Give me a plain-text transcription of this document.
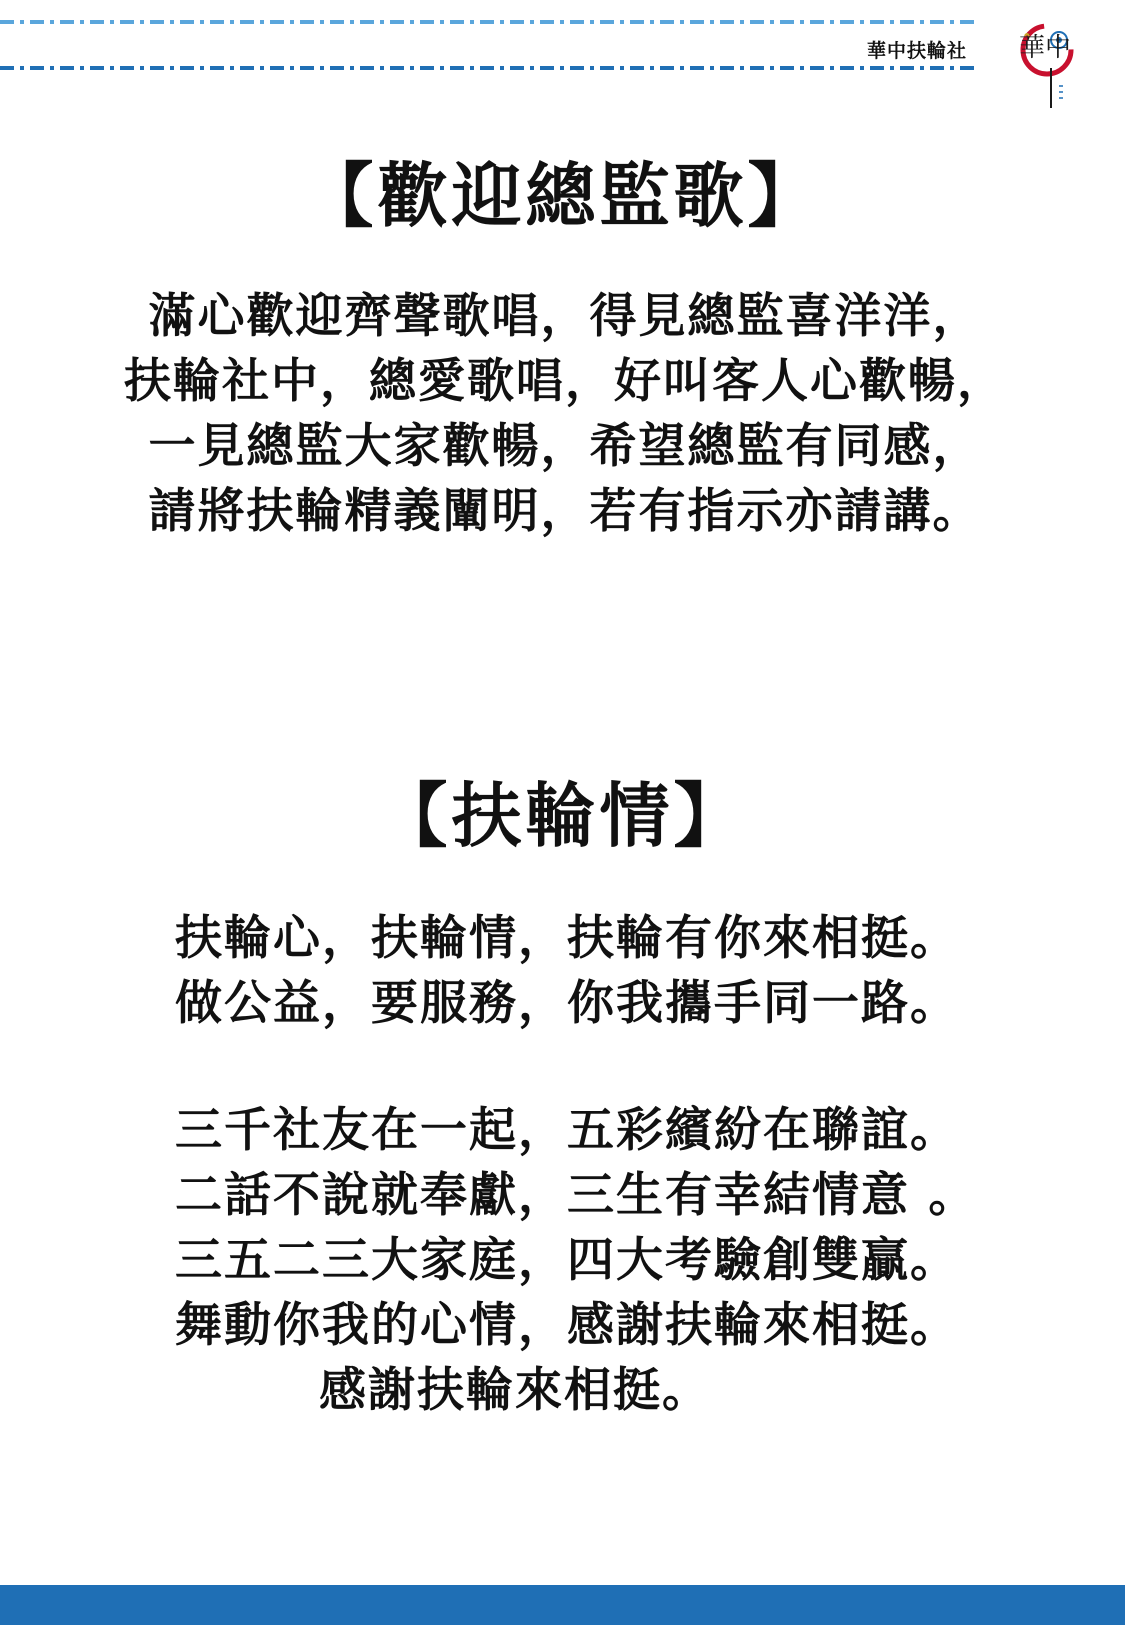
華中扶輪社 華中
【歡迎總監歌】
滿心歡迎齊聲歌唱，得見總監喜洋洋，
扶輪社中，總愛歌唱，好叫客人心歡暢，
一見總監大家歡暢，希望總監有同感，
請將扶輪精義闡明，若有指示亦請講。
【扶輪情】
扶輪心，扶輪情，扶輪有你來相挺。
做公益，要服務，你我攜手同一路。
三千社友在一起，五彩繽紛在聯誼。
二話不說就奉獻，三生有幸結情意 。
三五二三大家庭，四大考驗創雙贏。
舞動你我的心情，感謝扶輪來相挺。
感謝扶輪來相挺。
